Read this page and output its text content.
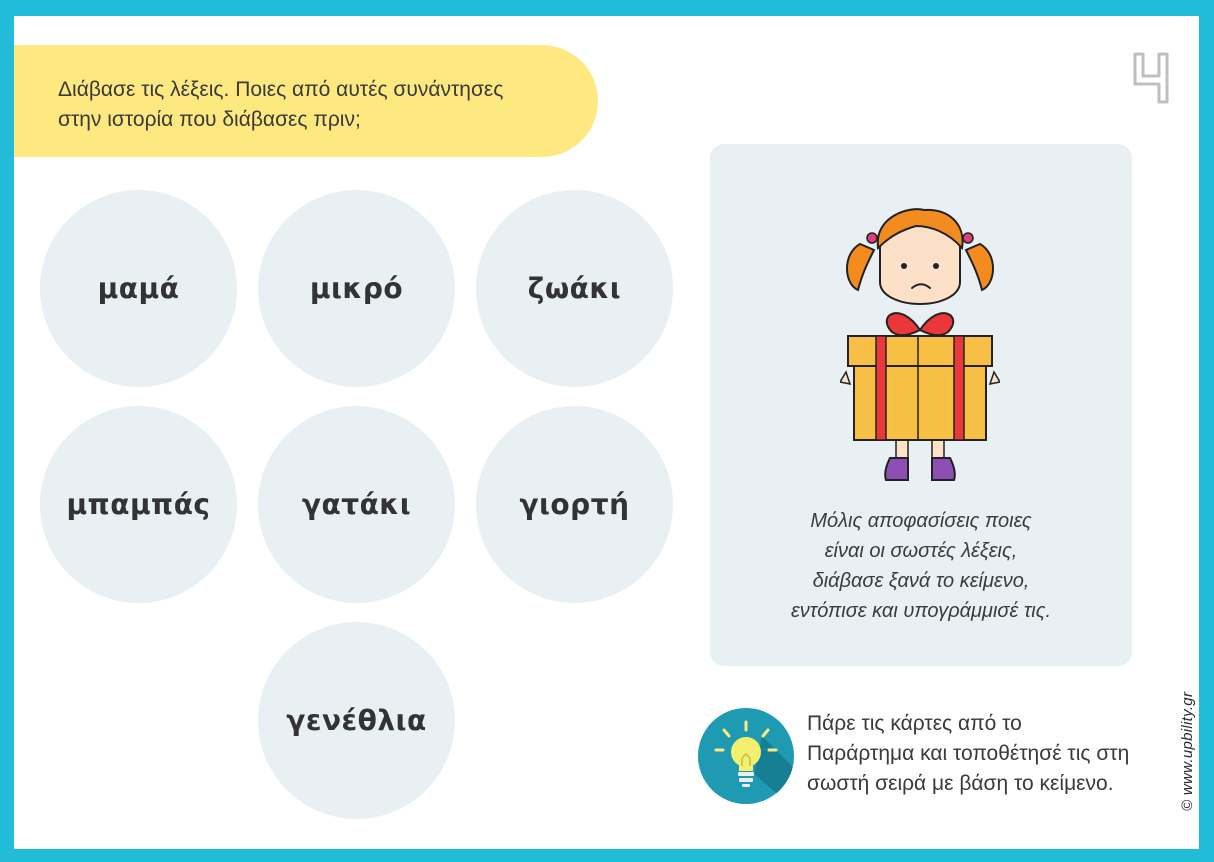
Διάβασε τις λέξεις. Ποιες από αυτές συνάντησες
στην ιστορία που διάβασες πριν;
μαμά	μικρό	ζωάκι
μπαμπάς	γατάκι	γιορτή
γενέθλια
Μόλις αποφασίσεις ποιες
είναι οι σωστές λέξεις,
διάβασε ξανά το κείμενο,
εντόπισε και υπογράμμισέ τις.
Πάρε τις κάρτες από το
Παράρτημα και τοποθέτησέ τις στη
σωστή σειρά με βάση το κείμενο.	© www.upbility.gr
